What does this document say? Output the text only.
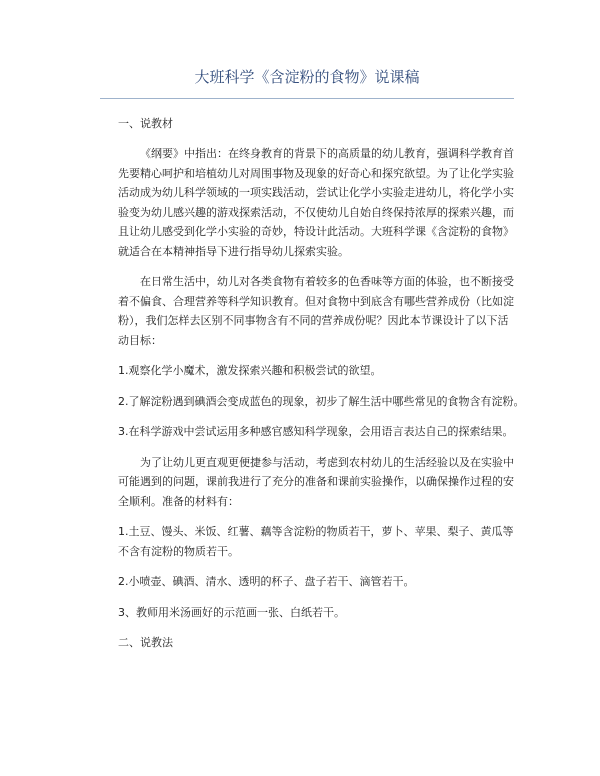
大班科学《含淀粉的食物》说课稿
一、说教材

《纲要》中指出：在终身教育的背景下的高质量的幼儿教育，强调科学教育首先要精心呵护和培植幼儿对周围事物及现象的好奇心和探究欲望。为了让化学实验活动成为幼儿科学领域的一项实践活动，尝试让化学小实验走进幼儿，将化学小实验变为幼儿感兴趣的游戏探索活动，不仅使幼儿自始自终保持浓厚的探索兴趣，而且让幼儿感受到化学小实验的奇妙，特设计此活动。大班科学课《含淀粉的食物》就适合在本精神指导下进行指导幼儿探索实验。

在日常生活中，幼儿对各类食物有着较多的色香味等方面的体验，也不断接受着不偏食、合理营养等科学知识教育。但对食物中到底含有哪些营养成份（比如淀粉），我们怎样去区别不同事物含有不同的营养成份呢？因此本节课设计了以下活动目标：

1.观察化学小魔术，激发探索兴趣和积极尝试的欲望。

2.了解淀粉遇到碘酒会变成蓝色的现象，初步了解生活中哪些常见的食物含有淀粉。

3.在科学游戏中尝试运用多种感官感知科学现象，会用语言表达自己的探索结果。

为了让幼儿更直观更便捷参与活动，考虑到农村幼儿的生活经验以及在实验中可能遇到的问题，课前我进行了充分的准备和课前实验操作，以确保操作过程的安全顺利。准备的材料有：

1.土豆、馒头、米饭、红薯、藕等含淀粉的物质若干，萝卜、苹果、梨子、黄瓜等不含有淀粉的物质若干。

2.小喷壶、碘酒、清水、透明的杯子、盘子若干、滴管若干。

3、教师用米汤画好的示范画一张、白纸若干。

二、说教法
